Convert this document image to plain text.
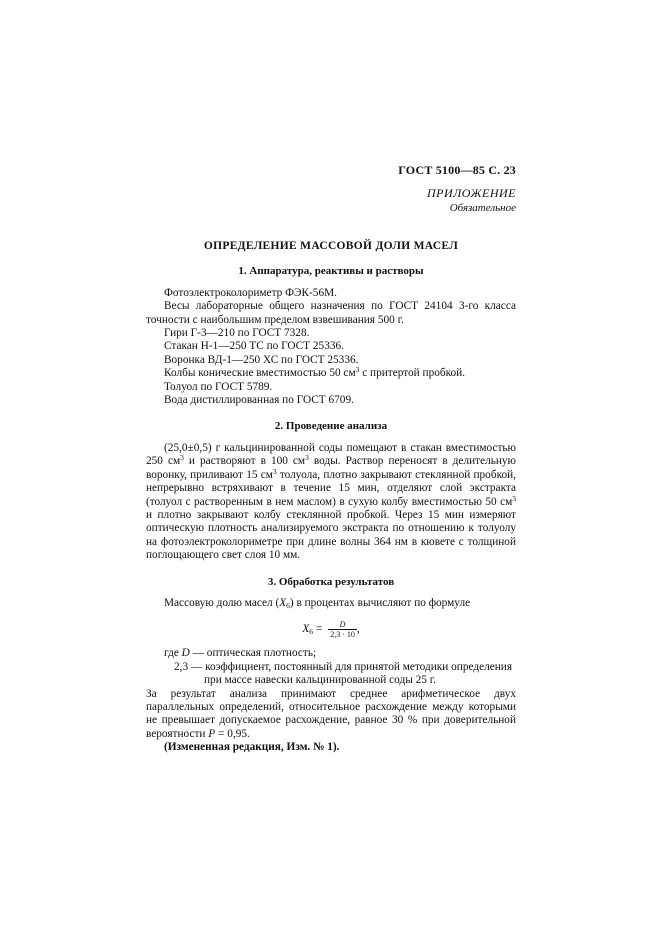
ГОСТ 5100—85 С. 23
ПРИЛОЖЕНИЕ
Обязательное
ОПРЕДЕЛЕНИЕ МАССОВОЙ ДОЛИ МАСЕЛ
1. Аппаратура, реактивы и растворы

Фотоэлектроколориметр ФЭК-56М.

Весы лабораторные общего назначения по ГОСТ 24104 3-го класса точности с наибольшим пределом взвешивания 500 г.

Гири Г-3—210 по ГОСТ 7328.

Стакан Н-1—250 ТС по ГОСТ 25336.

Воронка ВД-1—250 ХС по ГОСТ 25336.

Колбы конические вместимостью 50 $см^3$ с притертой пробкой.

Толуол по ГОСТ 5789.

Вода дистиллированная по ГОСТ 6709.

2. Проведение анализа

(25,0±0,5) г кальцинированной соды помещают в стакан вместимостью 250 $см^3$ и растворяют в 100 $см^3$ воды. Раствор переносят в делительную воронку, приливают 15 $см^3$ толуола, плотно закрывают стеклянной пробкой, непрерывно встряхивают в течение 15 мин, отделяют слой экстракта (толуол с растворенным в нем маслом) в сухую колбу вместимостью 50 $см^3$ и плотно закрывают колбу стеклянной пробкой. Через 15 мин измеряют оптическую плотность анализируемого экстракта по отношению к толуолу на фотоэлектроколориметре при длине волны 364 нм в кювете с толщиной поглощающего свет слоя 10 мм.

3. Обработка результатов

Массовую долю масел $(X_6)$ в процентах вычисляют по формуле

$X_6 = \frac{D}{2,3 \cdot 10}$ ,

где D — оптическая плотность;

2,3 — коэффициент, постоянный для принятой методики определения

при массе навески кальцинированной соды 25 г.

За результат анализа принимают среднее арифметическое двух параллельных определений, относительное расхождение между которыми не превышает допускаемое расхождение, равное 30 % при доверительной вероятности P = 0,95.

(Измененная редакция, Изм. № 1).
